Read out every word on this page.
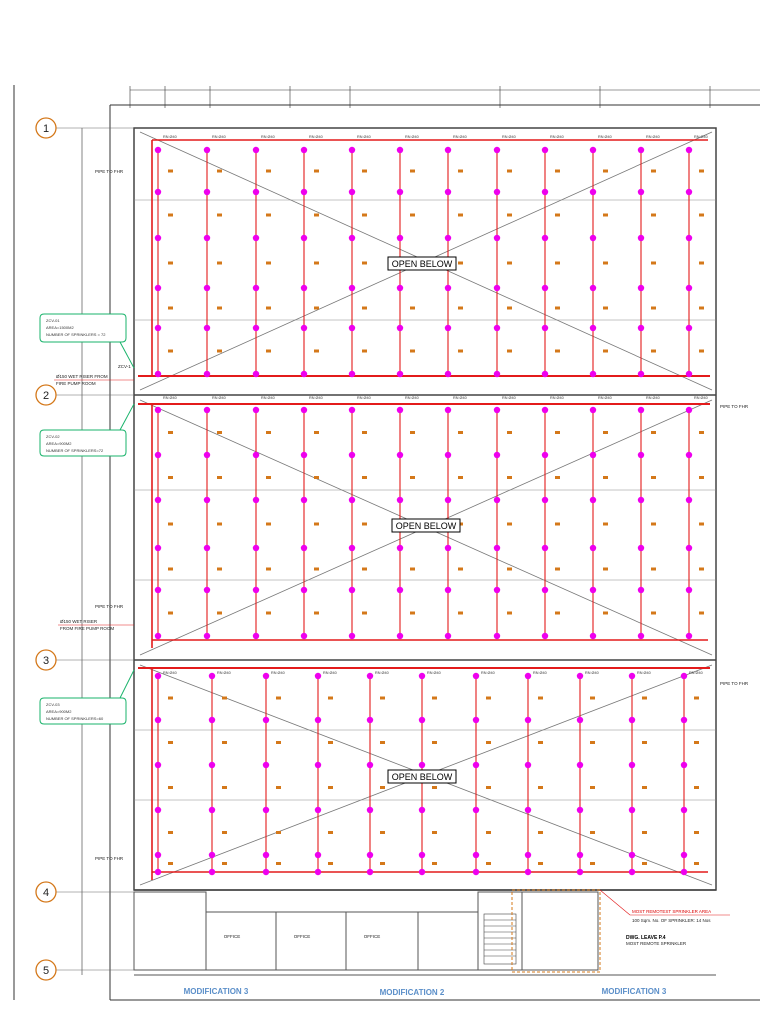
RN Ø40	RN Ø40	RN Ø40	RN Ø40	RN Ø40	RN Ø40	RN Ø40	RN Ø40	RN Ø40	RN Ø40	RN Ø40	RN Ø40
RN Ø40	RN Ø40	RN Ø40	RN Ø40	RN Ø40	RN Ø40	RN Ø40	RN Ø40	RN Ø40	RN Ø40	RN Ø40	RN Ø40
RN Ø40	RN Ø40	RN Ø40	RN Ø40	RN Ø40	RN Ø40	RN Ø40	RN Ø40	RN Ø40	RN Ø40	RN Ø40
OPEN BELOW
OPEN BELOW
OPEN BELOW
1
2
3
4
5
ZCV-01
AREA=1500M2
NUMBER OF SPRINKLERS = 72
ZCV-02
AREA=900M2
NUMBER OF SPRINKLERS=72
ZCV-03
AREA=900M2
NUMBER OF SPRINKLERS=60
Ø150 WET RISER FROM
FIRE PUMP ROOM
Ø150 WET RISER
FROM FIRE PUMP ROOM
PIPE TO FHR
PIPE TO FHR
PIPE TO FHR
PIPE TO FHR
PIPE TO FHR
ZCV-1
OFFICE	OFFICE	OFFICE
MOST REMOTEST SPRINKLER AREA
100 Sqm. No. OF SPRINKLER: 14 Nos
DWG. LEAVE P.4
MOST REMOTE SPRINKLER
MODIFICATION 3	MODIFICATION 2	MODIFICATION 3
